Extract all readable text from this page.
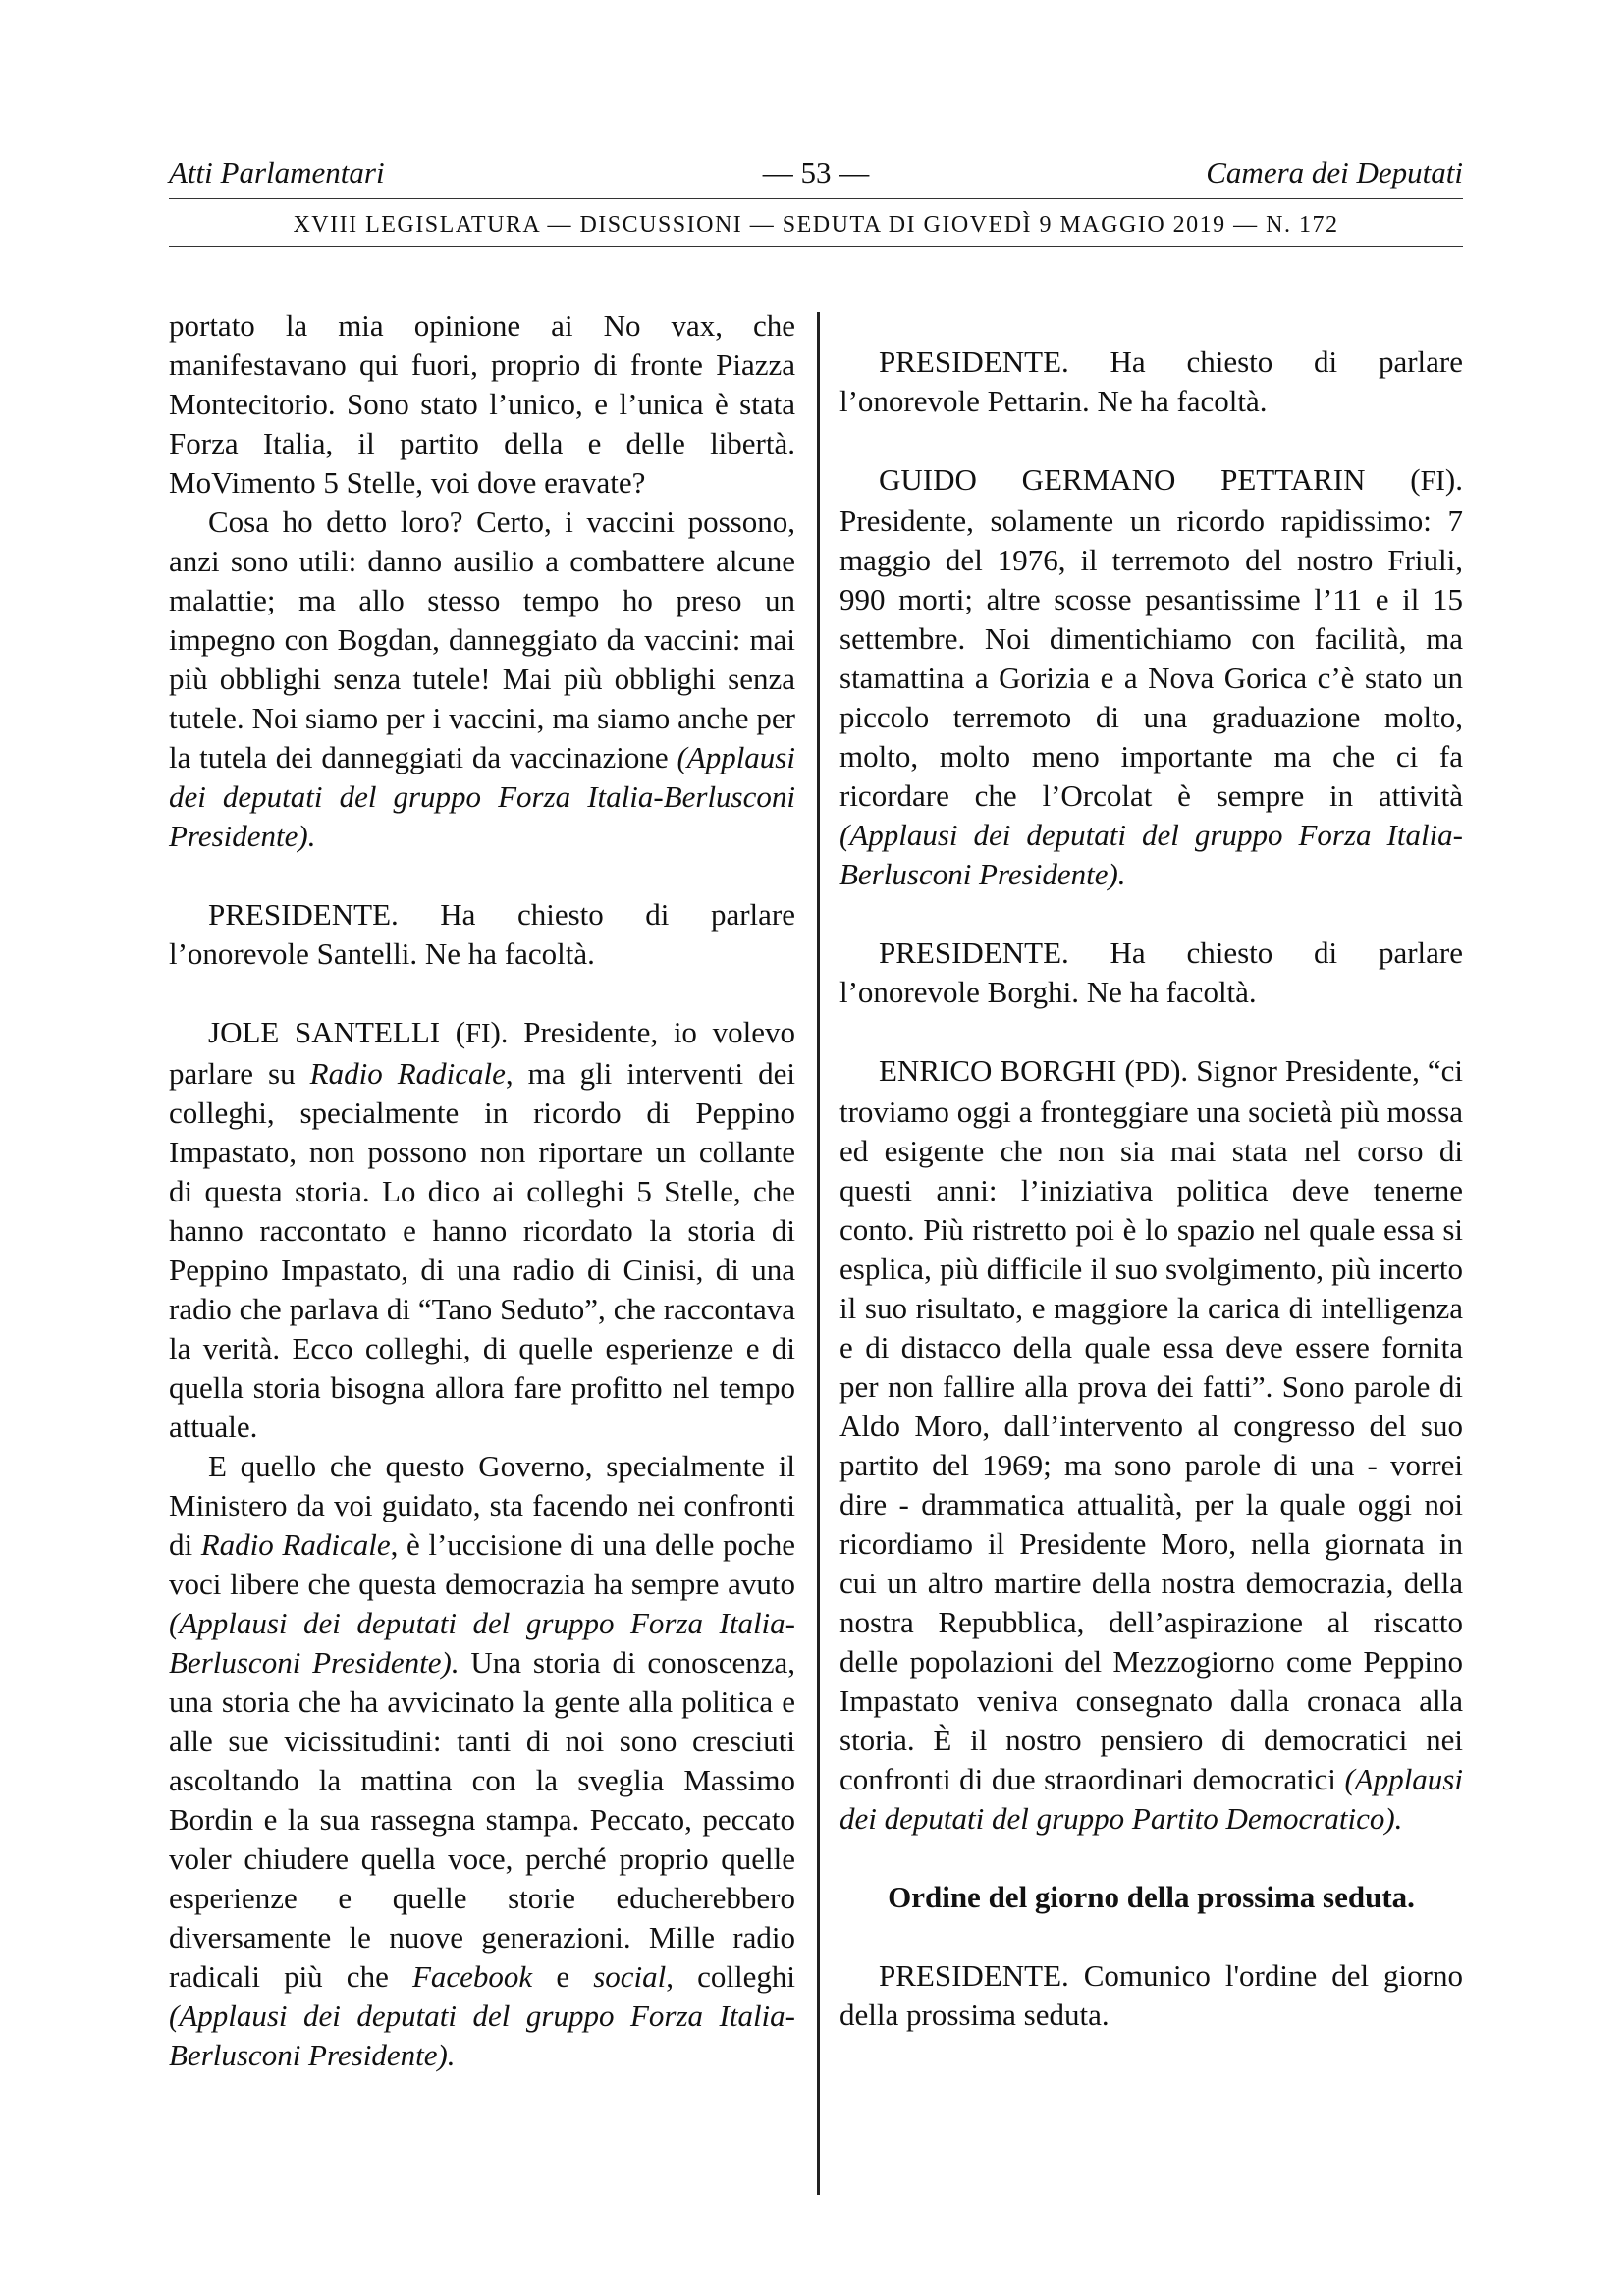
Atti Parlamentari	— 53 —	Camera dei Deputati
XVIII LEGISLATURA — DISCUSSIONI — SEDUTA DI GIOVEDÌ 9 MAGGIO 2019 — N. 172

portato la mia opinione ai No vax, che manifestavano qui fuori, proprio di fronte Piazza Montecitorio. Sono stato l’unico, e l’unica è stata Forza Italia, il partito della e delle libertà. MoVimento 5 Stelle, voi dove eravate?

Cosa ho detto loro? Certo, i vaccini possono, anzi sono utili: danno ausilio a combattere alcune malattie; ma allo stesso tempo ho preso un impegno con Bogdan, danneggiato da vaccini: mai più obblighi senza tutele! Mai più obblighi senza tutele. Noi siamo per i vaccini, ma siamo anche per la tutela dei danneggiati da vaccinazione (Applausi dei deputati del gruppo Forza Italia-Berlusconi Presidente).

PRESIDENTE. Ha chiesto di parlare l’onorevole Santelli. Ne ha facoltà.

JOLE SANTELLI (FI). Presidente, io volevo parlare su Radio Radicale, ma gli interventi dei colleghi, specialmente in ricordo di Peppino Impastato, non possono non riportare un collante di questa storia. Lo dico ai colleghi 5 Stelle, che hanno raccontato e hanno ricordato la storia di Peppino Impastato, di una radio di Cinisi, di una radio che parlava di “Tano Seduto”, che raccontava la verità. Ecco colleghi, di quelle esperienze e di quella storia bisogna allora fare profitto nel tempo attuale.

E quello che questo Governo, specialmente il Ministero da voi guidato, sta facendo nei confronti di Radio Radicale, è l’uccisione di una delle poche voci libere che questa democrazia ha sempre avuto (Applausi dei deputati del gruppo Forza Italia-Berlusconi Presidente). Una storia di conoscenza, una storia che ha avvicinato la gente alla politica e alle sue vicissitudini: tanti di noi sono cresciuti ascoltando la mattina con la sveglia Massimo Bordin e la sua rassegna stampa. Peccato, peccato voler chiudere quella voce, perché proprio quelle esperienze e quelle storie educherebbero diversamente le nuove generazioni. Mille radio radicali più che Facebook e social, colleghi (Applausi dei deputati del gruppo Forza Italia-Berlusconi Presidente).

PRESIDENTE. Ha chiesto di parlare l’onorevole Pettarin. Ne ha facoltà.

GUIDO GERMANO PETTARIN (FI). Presidente, solamente un ricordo rapidissimo: 7 maggio del 1976, il terremoto del nostro Friuli, 990 morti; altre scosse pesantissime l’11 e il 15 settembre. Noi dimentichiamo con facilità, ma stamattina a Gorizia e a Nova Gorica c’è stato un piccolo terremoto di una graduazione molto, molto, molto meno importante ma che ci fa ricordare che l’Orcolat è sempre in attività (Applausi dei deputati del gruppo Forza Italia-Berlusconi Presidente).

PRESIDENTE. Ha chiesto di parlare l’onorevole Borghi. Ne ha facoltà.

ENRICO BORGHI (PD). Signor Presidente, “ci troviamo oggi a fronteggiare una società più mossa ed esigente che non sia mai stata nel corso di questi anni: l’iniziativa politica deve tenerne conto. Più ristretto poi è lo spazio nel quale essa si esplica, più difficile il suo svolgimento, più incerto il suo risultato, e maggiore la carica di intelligenza e di distacco della quale essa deve essere fornita per non fallire alla prova dei fatti”. Sono parole di Aldo Moro, dall’intervento al congresso del suo partito del 1969; ma sono parole di una - vorrei dire - drammatica attualità, per la quale oggi noi ricordiamo il Presidente Moro, nella giornata in cui un altro martire della nostra democrazia, della nostra Repubblica, dell’aspirazione al riscatto delle popolazioni del Mezzogiorno come Peppino Impastato veniva consegnato dalla cronaca alla storia. È il nostro pensiero di democratici nei confronti di due straordinari democratici (Applausi dei deputati del gruppo Partito Democratico).

Ordine del giorno della prossima seduta.

PRESIDENTE. Comunico l'ordine del giorno della prossima seduta.
